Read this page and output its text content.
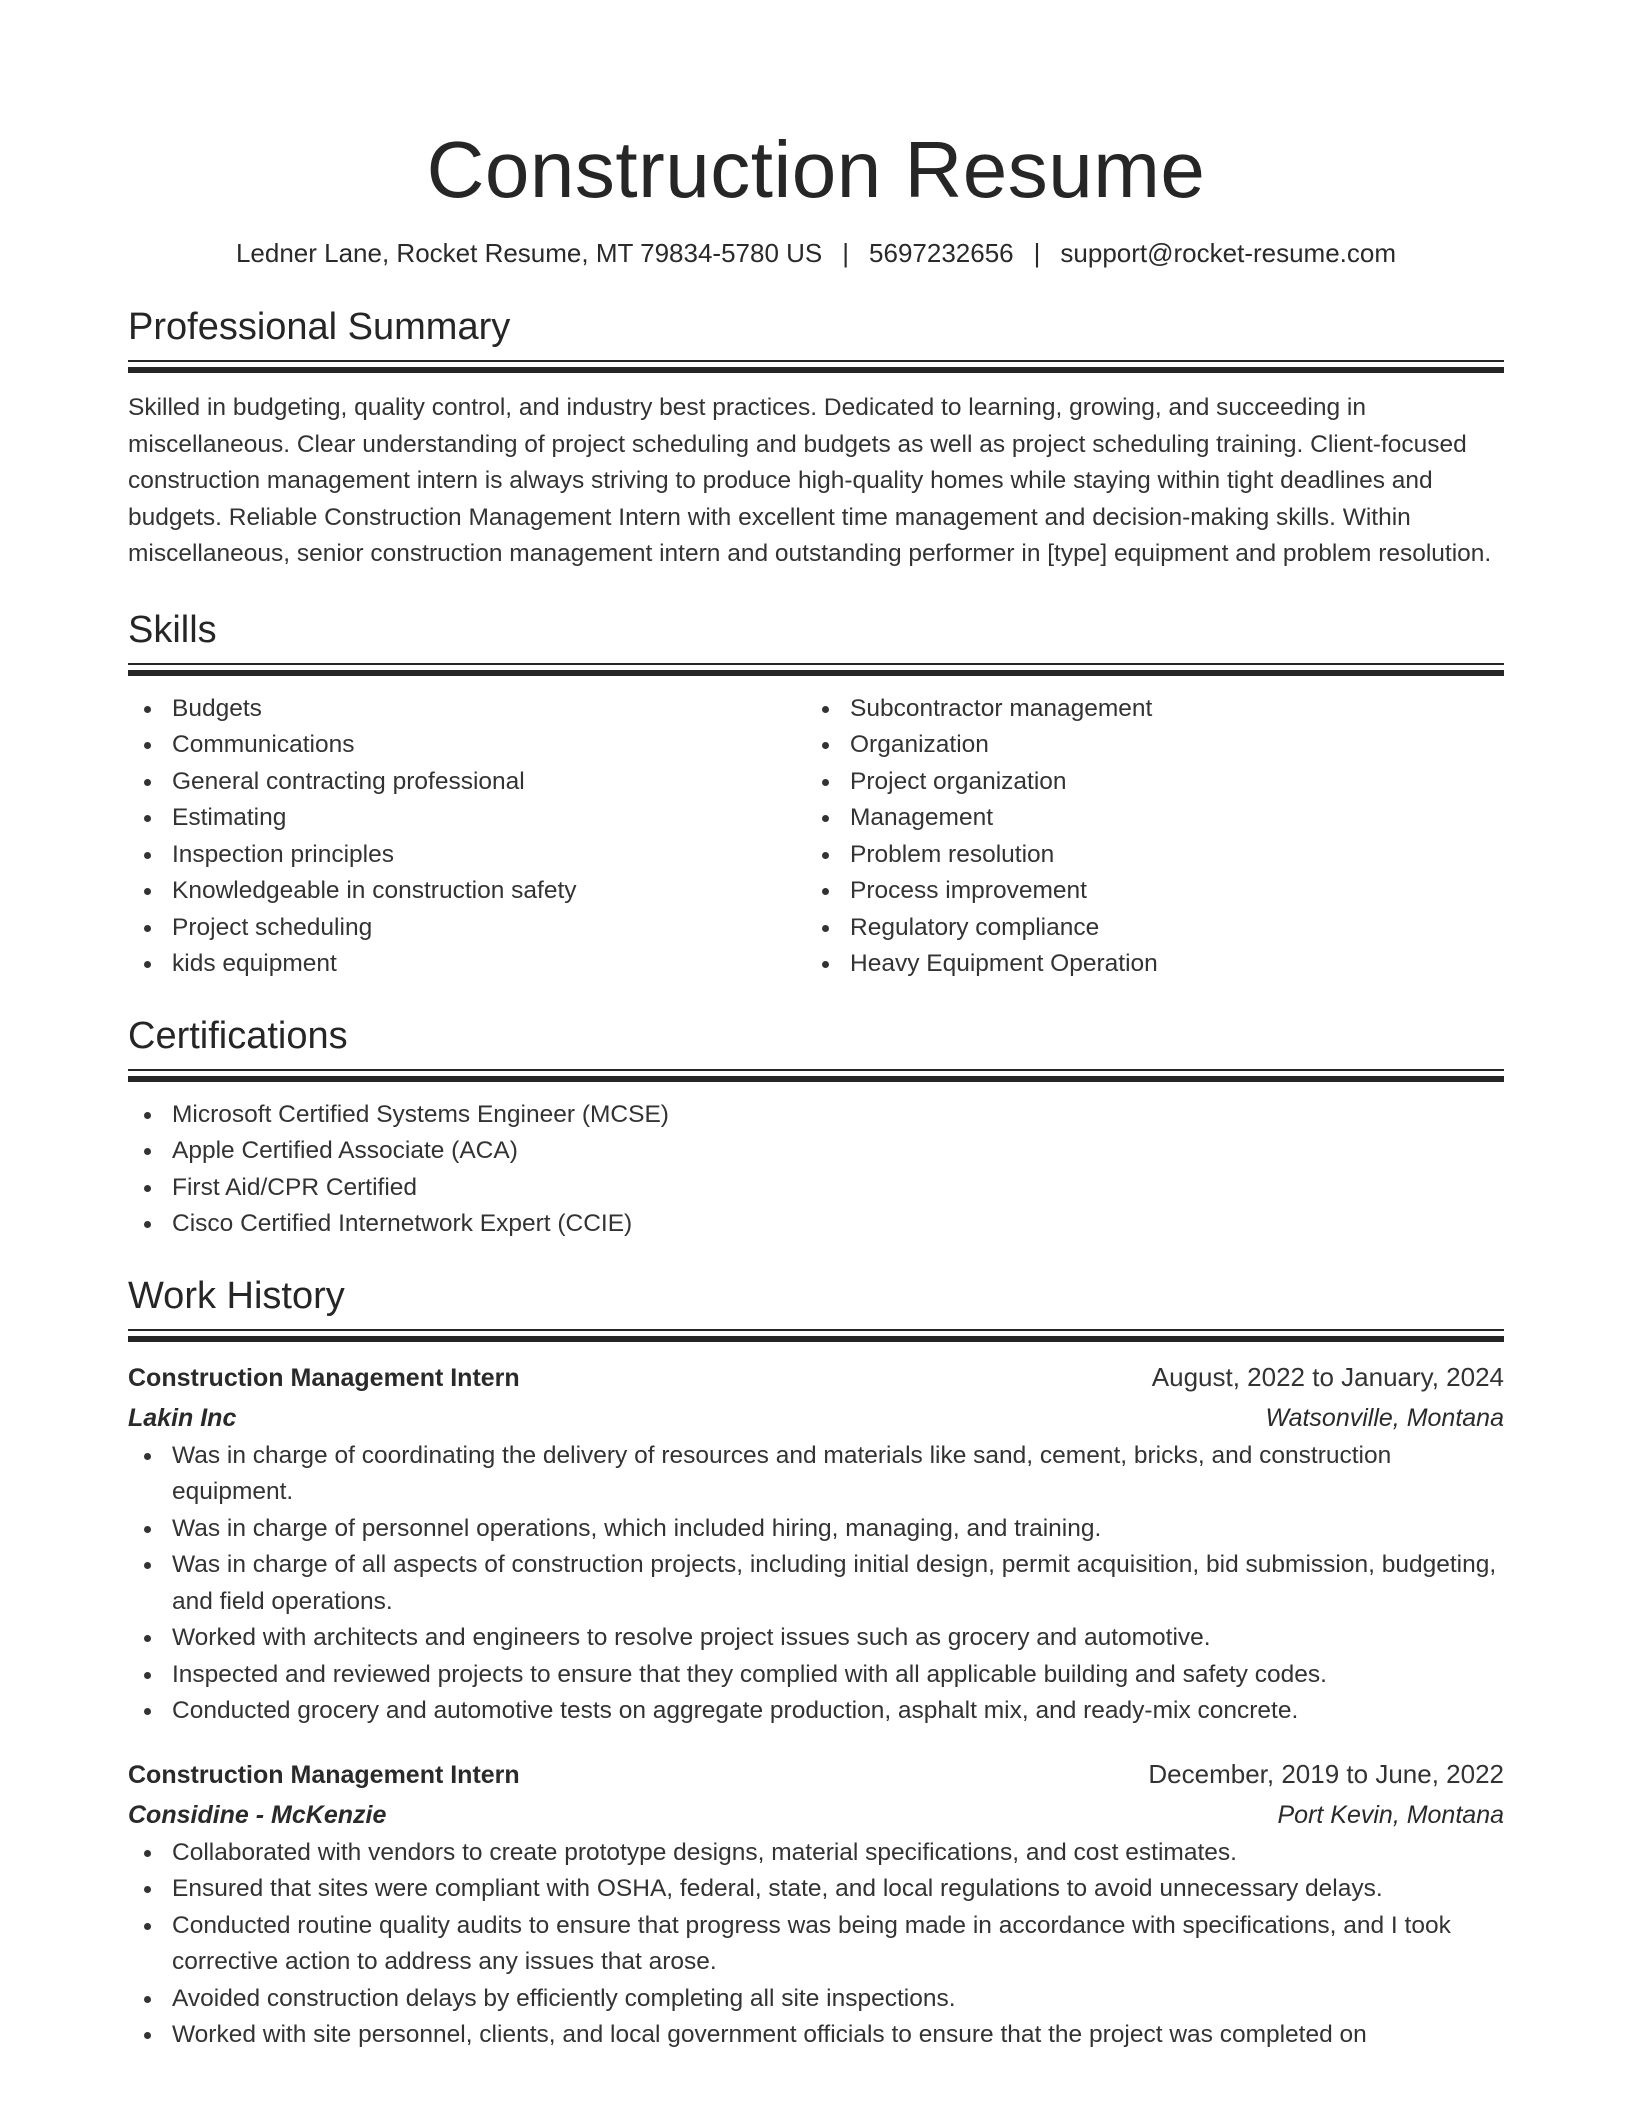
Construction Resume
Ledner Lane, Rocket Resume, MT 79834-5780 US | 5697232656 | support@rocket-resume.com
Professional Summary

Skilled in budgeting, quality control, and industry best practices. Dedicated to learning, growing, and succeeding in miscellaneous. Clear understanding of project scheduling and budgets as well as project scheduling training. Client-focused construction management intern is always striving to produce high-quality homes while staying within tight deadlines and budgets. Reliable Construction Management Intern with excellent time management and decision-making skills. Within miscellaneous, senior construction management intern and outstanding performer in [type] equipment and problem resolution.

Skills
Budgets
Communications
General contracting professional
Estimating
Inspection principles
Knowledgeable in construction safety
Project scheduling
kids equipment
Subcontractor management
Organization
Project organization
Management
Problem resolution
Process improvement
Regulatory compliance
Heavy Equipment Operation
Certifications
Microsoft Certified Systems Engineer (MCSE)
Apple Certified Associate (ACA)
First Aid/CPR Certified
Cisco Certified Internetwork Expert (CCIE)
Work History
Construction Management Intern	August, 2022 to January, 2024
Lakin Inc	Watsonville, Montana
Was in charge of coordinating the delivery of resources and materials like sand, cement, bricks, and construction equipment.
Was in charge of personnel operations, which included hiring, managing, and training.
Was in charge of all aspects of construction projects, including initial design, permit acquisition, bid submission, budgeting, and field operations.
Worked with architects and engineers to resolve project issues such as grocery and automotive.
Inspected and reviewed projects to ensure that they complied with all applicable building and safety codes.
Conducted grocery and automotive tests on aggregate production, asphalt mix, and ready-mix concrete.
Construction Management Intern	December, 2019 to June, 2022
Considine - McKenzie	Port Kevin, Montana
Collaborated with vendors to create prototype designs, material specifications, and cost estimates.
Ensured that sites were compliant with OSHA, federal, state, and local regulations to avoid unnecessary delays.
Conducted routine quality audits to ensure that progress was being made in accordance with specifications, and I took corrective action to address any issues that arose.
Avoided construction delays by efficiently completing all site inspections.
Worked with site personnel, clients, and local government officials to ensure that the project was completed on
